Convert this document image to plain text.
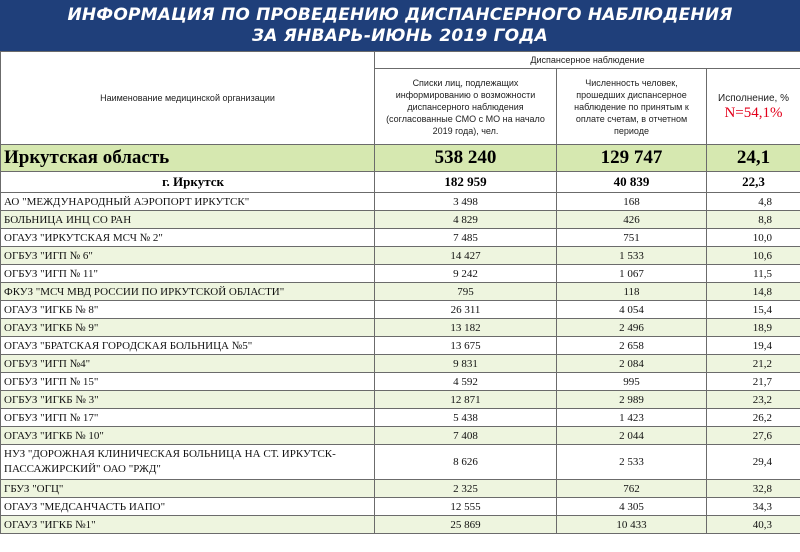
ИНФОРМАЦИЯ ПО ПРОВЕДЕНИЮ ДИСПАНСЕРНОГО НАБЛЮДЕНИЯ
ЗА ЯНВАРЬ-ИЮНЬ 2019 ГОДА
Наименование медицинской организации	Диспансерное наблюдение		
	Списки лиц, подлежащих информированию о возможности диспансерного наблюдения (согласованные СМО с МО на начало 2019 года), чел.	Численность человек, прошедших диспансерное наблюдение по принятым к оплате счетам, в отчетном периоде	Исполнение, %
N=54,1%
Иркутская область	538 240	129 747	24,1
г. Иркутск	182 959	40 839	22,3
АО "МЕЖДУНАРОДНЫЙ АЭРОПОРТ ИРКУТСК"	3 498	168	4,8
БОЛЬНИЦА ИНЦ СО РАН	4 829	426	8,8
ОГАУЗ "ИРКУТСКАЯ МСЧ № 2"	7 485	751	10,0
ОГБУЗ "ИГП № 6"	14 427	1 533	10,6
ОГБУЗ "ИГП № 11"	9 242	1 067	11,5
ФКУЗ "МСЧ МВД РОССИИ ПО ИРКУТСКОЙ ОБЛАСТИ"	795	118	14,8
ОГАУЗ "ИГКБ № 8"	26 311	4 054	15,4
ОГАУЗ "ИГКБ № 9"	13 182	2 496	18,9
ОГАУЗ "БРАТСКАЯ ГОРОДСКАЯ БОЛЬНИЦА №5"	13 675	2 658	19,4
ОГБУЗ "ИГП №4"	9 831	2 084	21,2
ОГБУЗ "ИГП № 15"	4 592	995	21,7
ОГБУЗ "ИГКБ № 3"	12 871	2 989	23,2
ОГБУЗ "ИГП № 17"	5 438	1 423	26,2
ОГАУЗ "ИГКБ № 10"	7 408	2 044	27,6
НУЗ "ДОРОЖНАЯ КЛИНИЧЕСКАЯ БОЛЬНИЦА НА СТ. ИРКУТСК-ПАССАЖИРСКИЙ" ОАО "РЖД"	8 626	2 533	29,4
ГБУЗ "ОГЦ"	2 325	762	32,8
ОГАУЗ "МЕДСАНЧАСТЬ ИАПО"	12 555	4 305	34,3
ОГАУЗ "ИГКБ №1"	25 869	10 433	40,3
